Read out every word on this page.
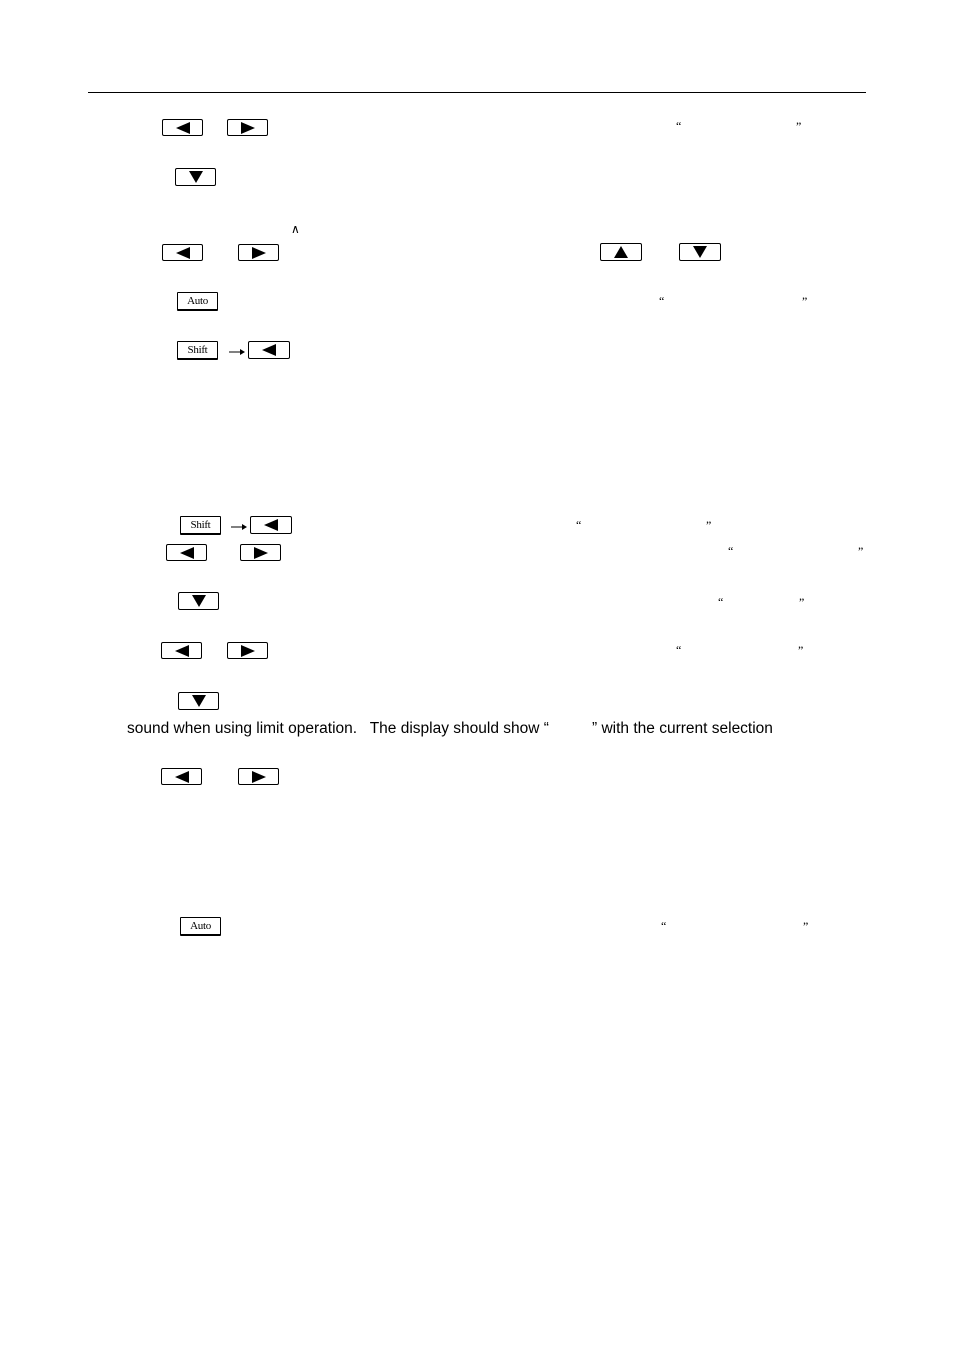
“	”
∧
Auto	“	”
Shift
Shift	“	”
“	”
“	”
“	”
sound when using limit operation.   The display should show “	” with the current selection
Auto	“	”
